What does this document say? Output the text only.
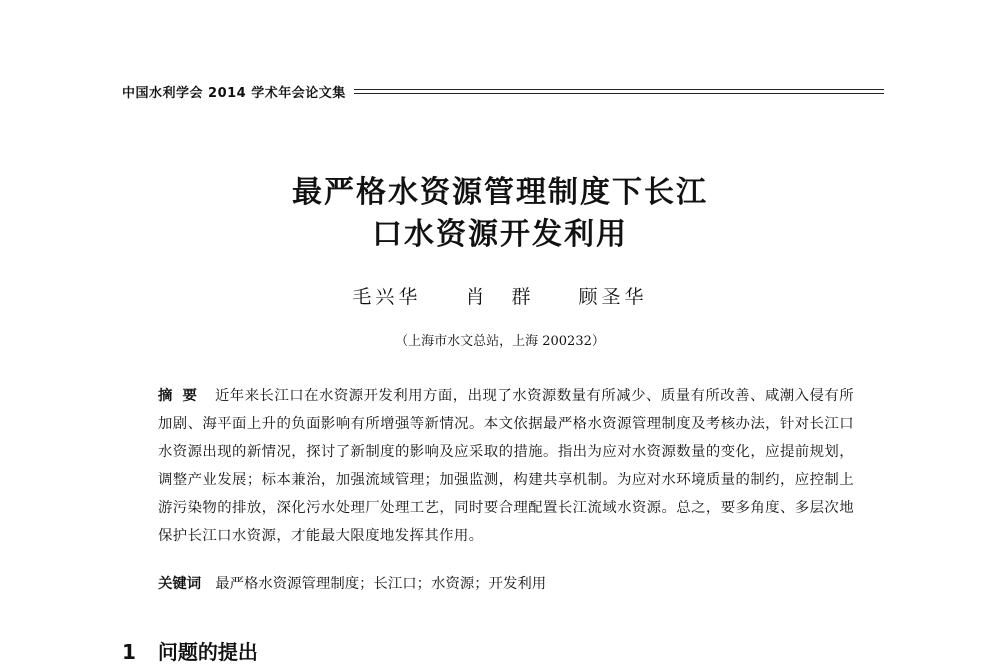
中国水利学会 2014 学术年会论文集
最严格水资源管理制度下长江
口水资源开发利用
毛兴华 肖　群 顾圣华
（上海市水文总站，上海 200232）
摘要 近年来长江口在水资源开发利用方面，出现了水资源数量有所减少、质量有所改善、咸潮入侵有所加剧、海平面上升的负面影响有所增强等新情况。本文依据最严格水资源管理制度及考核办法，针对长江口水资源出现的新情况，探讨了新制度的影响及应采取的措施。指出为应对水资源数量的变化，应提前规划，调整产业发展；标本兼治，加强流域管理；加强监测，构建共享机制。为应对水环境质量的制约，应控制上游污染物的排放，深化污水处理厂处理工艺，同时要合理配置长江流域水资源。总之，要多角度、多层次地保护长江口水资源，才能最大限度地发挥其作用。
关键词 最严格水资源管理制度；长江口；水资源；开发利用
1 问题的提出
